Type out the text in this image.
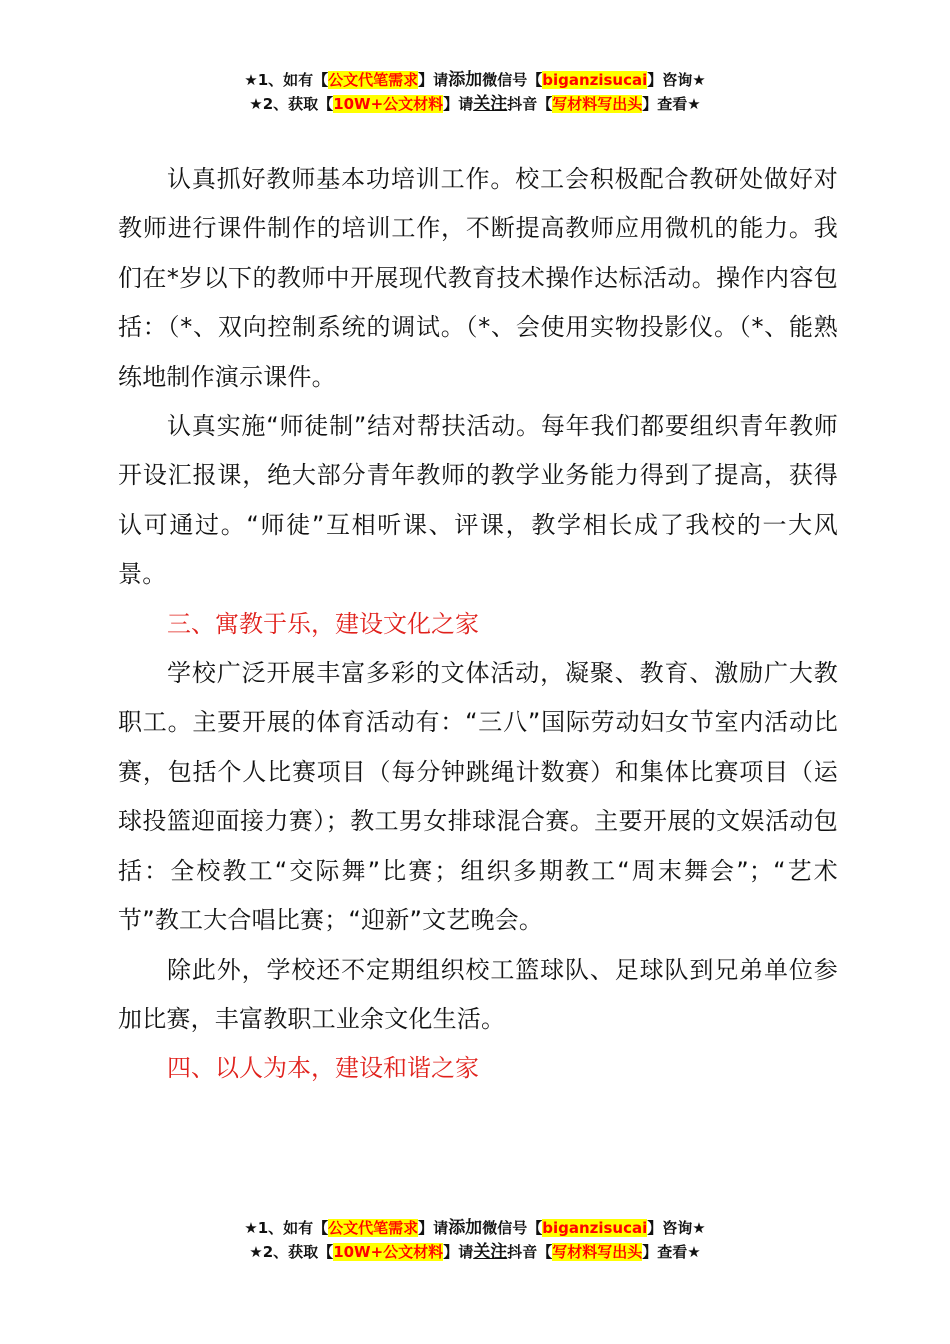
★1、如有【公文代笔需求】请添加微信号【biganzisucai】咨询★
★2、获取【10W+公文材料】请关注抖音【写材料写出头】查看★

认真抓好教师基本功培训工作。校工会积极配合教研处做好对教师进行课件制作的培训工作，不断提高教师应用微机的能力。我们在*岁以下的教师中开展现代教育技术操作达标活动。操作内容包括：（*、双向控制系统的调试。（*、会使用实物投影仪。（*、能熟练地制作演示课件。

认真实施“师徒制”结对帮扶活动。每年我们都要组织青年教师开设汇报课，绝大部分青年教师的教学业务能力得到了提高，获得认可通过。“师徒”互相听课、评课，教学相长成了我校的一大风景。

三、寓教于乐，建设文化之家

学校广泛开展丰富多彩的文体活动，凝聚、教育、激励广大教职工。主要开展的体育活动有：“三八”国际劳动妇女节室内活动比赛，包括个人比赛项目（每分钟跳绳计数赛）和集体比赛项目（运球投篮迎面接力赛）；教工男女排球混合赛。主要开展的文娱活动包括：全校教工“交际舞”比赛；组织多期教工“周末舞会”；“艺术节”教工大合唱比赛；“迎新”文艺晚会。

除此外，学校还不定期组织校工篮球队、足球队到兄弟单位参加比赛，丰富教职工业余文化生活。

四、以人为本，建设和谐之家

★1、如有【公文代笔需求】请添加微信号【biganzisucai】咨询★
★2、获取【10W+公文材料】请关注抖音【写材料写出头】查看★
